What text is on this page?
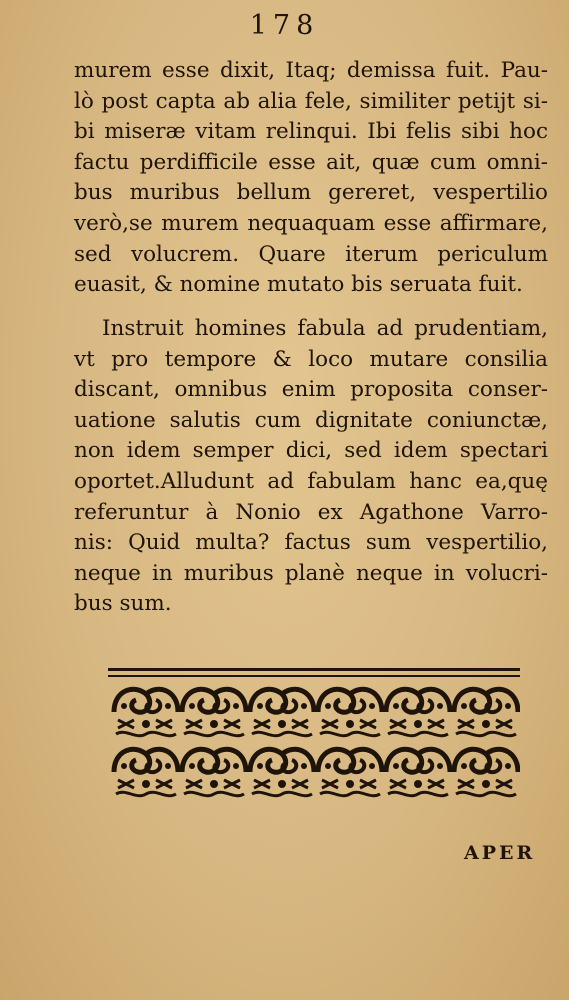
178
murem esse dixit, Itaq; demissa fuit. Pau-
lò post capta ab alia fele, similiter petijt si-
bi miseræ vitam relinqui. Ibi felis sibi hoc
factu perdifficile esse ait, quæ cum omni-
bus muribus bellum gereret, vespertilio
verò,se murem nequaquam esse affirmare,
sed volucrem. Quare iterum periculum
euasit, & nomine mutato bis seruata fuit.
Instruit homines fabula ad prudentiam,
vt pro tempore & loco mutare consilia
discant, omnibus enim proposita conser-
uatione salutis cum dignitate coniunctæ,
non idem semper dici, sed idem spectari
oportet.Alludunt ad fabulam hanc ea,quę
referuntur à Nonio ex Agathone Varro-
nis: Quid multa? factus sum vespertilio,
neque in muribus planè neque in volucri-
bus sum.
APER
